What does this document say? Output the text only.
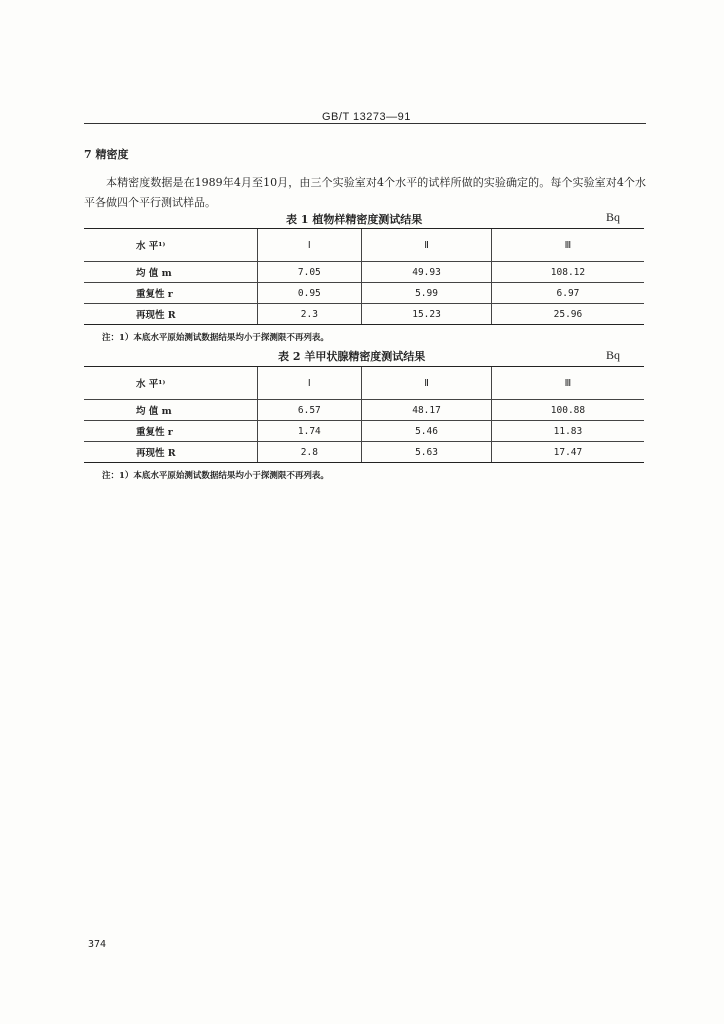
GB/T 13273—91
7 精密度
本精密度数据是在1989年4月至10月，由三个实验室对4个水平的试样所做的实验确定的。每个实验室对4个水平各做四个平行测试样品。
表 1 植物样精密度测试结果	Bq
水 平¹⁾	Ⅰ	Ⅱ	Ⅲ
均 值 m	7.05	49.93	108.12
重复性 r	0.95	5.99	6.97
再现性 R	2.3	15.23	25.96
注：1）本底水平原始测试数据结果均小于探测限不再列表。
表 2 羊甲状腺精密度测试结果	Bq
水 平¹⁾	Ⅰ	Ⅱ	Ⅲ
均 值 m	6.57	48.17	100.88
重复性 r	1.74	5.46	11.83
再现性 R	2.8	5.63	17.47
注：1）本底水平原始测试数据结果均小于探测限不再列表。
374
